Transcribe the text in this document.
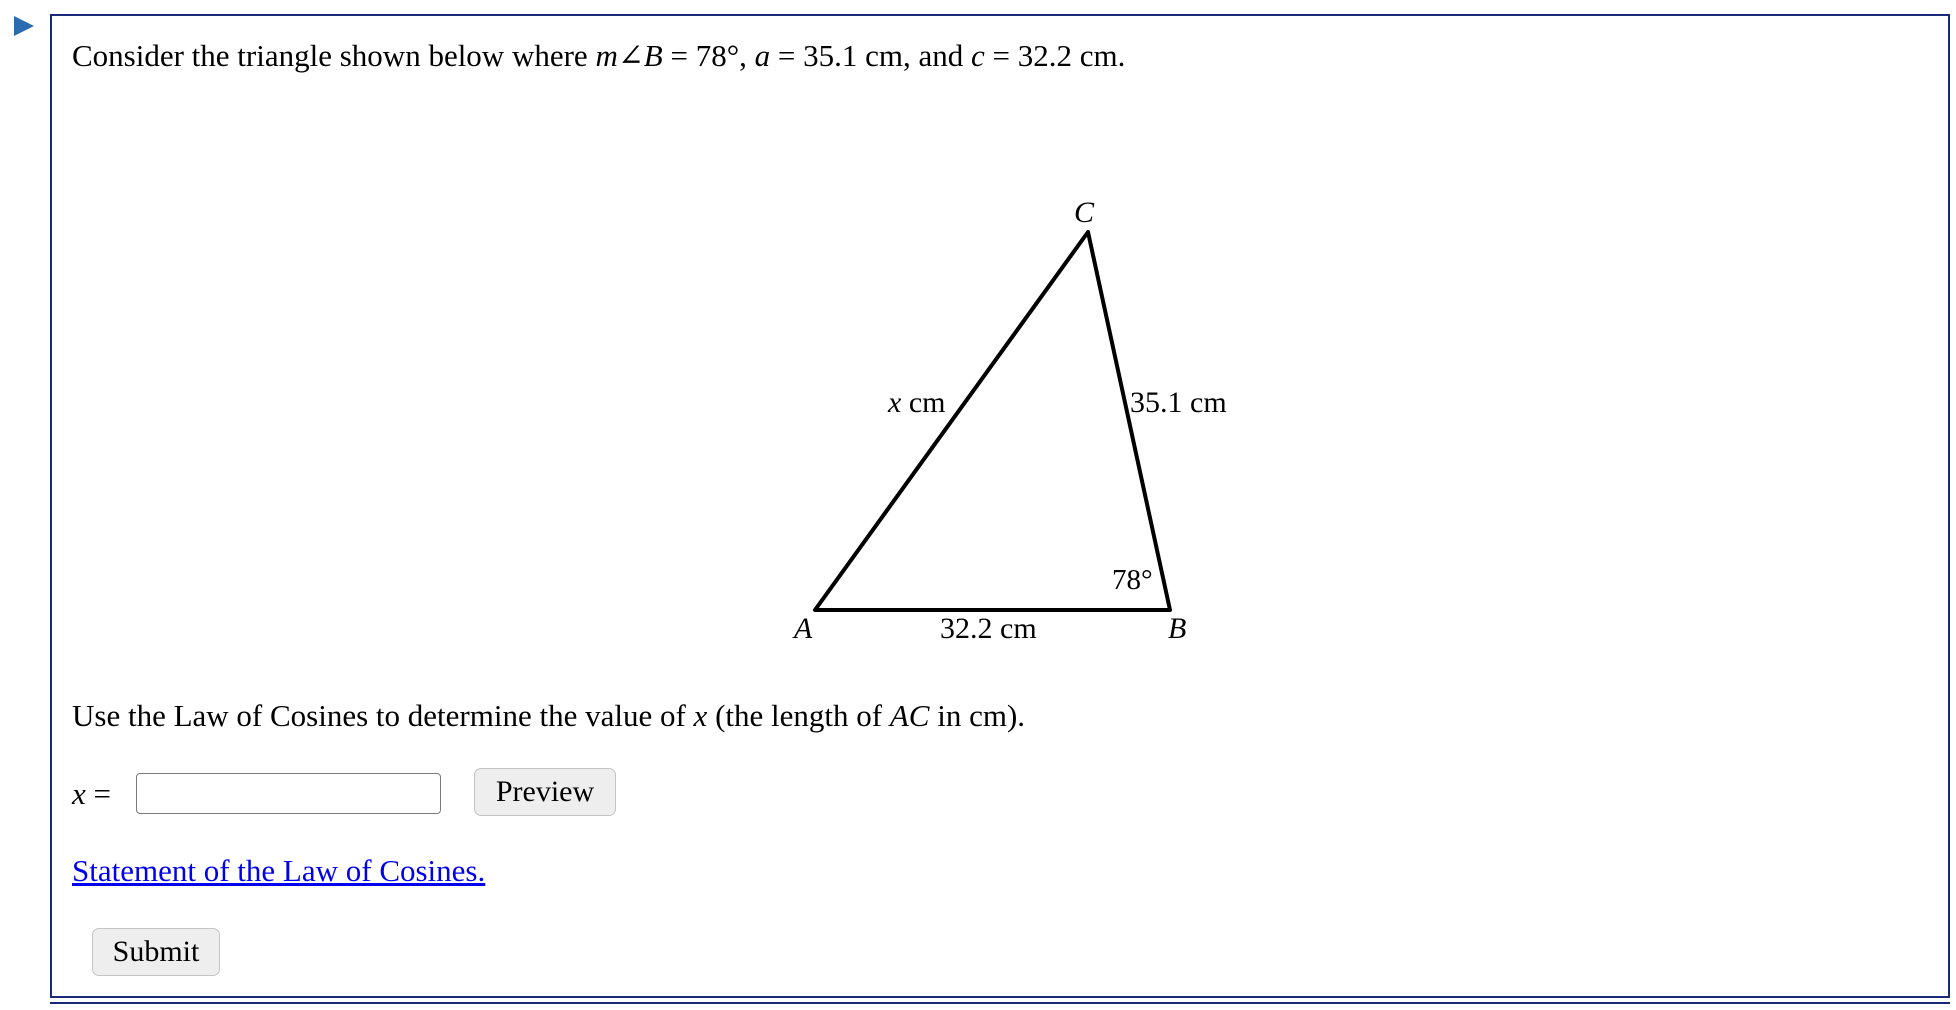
Consider the triangle shown below where m∠B = 78°, a = 35.1 cm, and c = 32.2 cm.
C
A	B
x cm	35.1 cm
32.2 cm
78°
Use the Law of Cosines to determine the value of x (the length of AC in cm).
x =	Preview
Statement of the Law of Cosines.
Submit
